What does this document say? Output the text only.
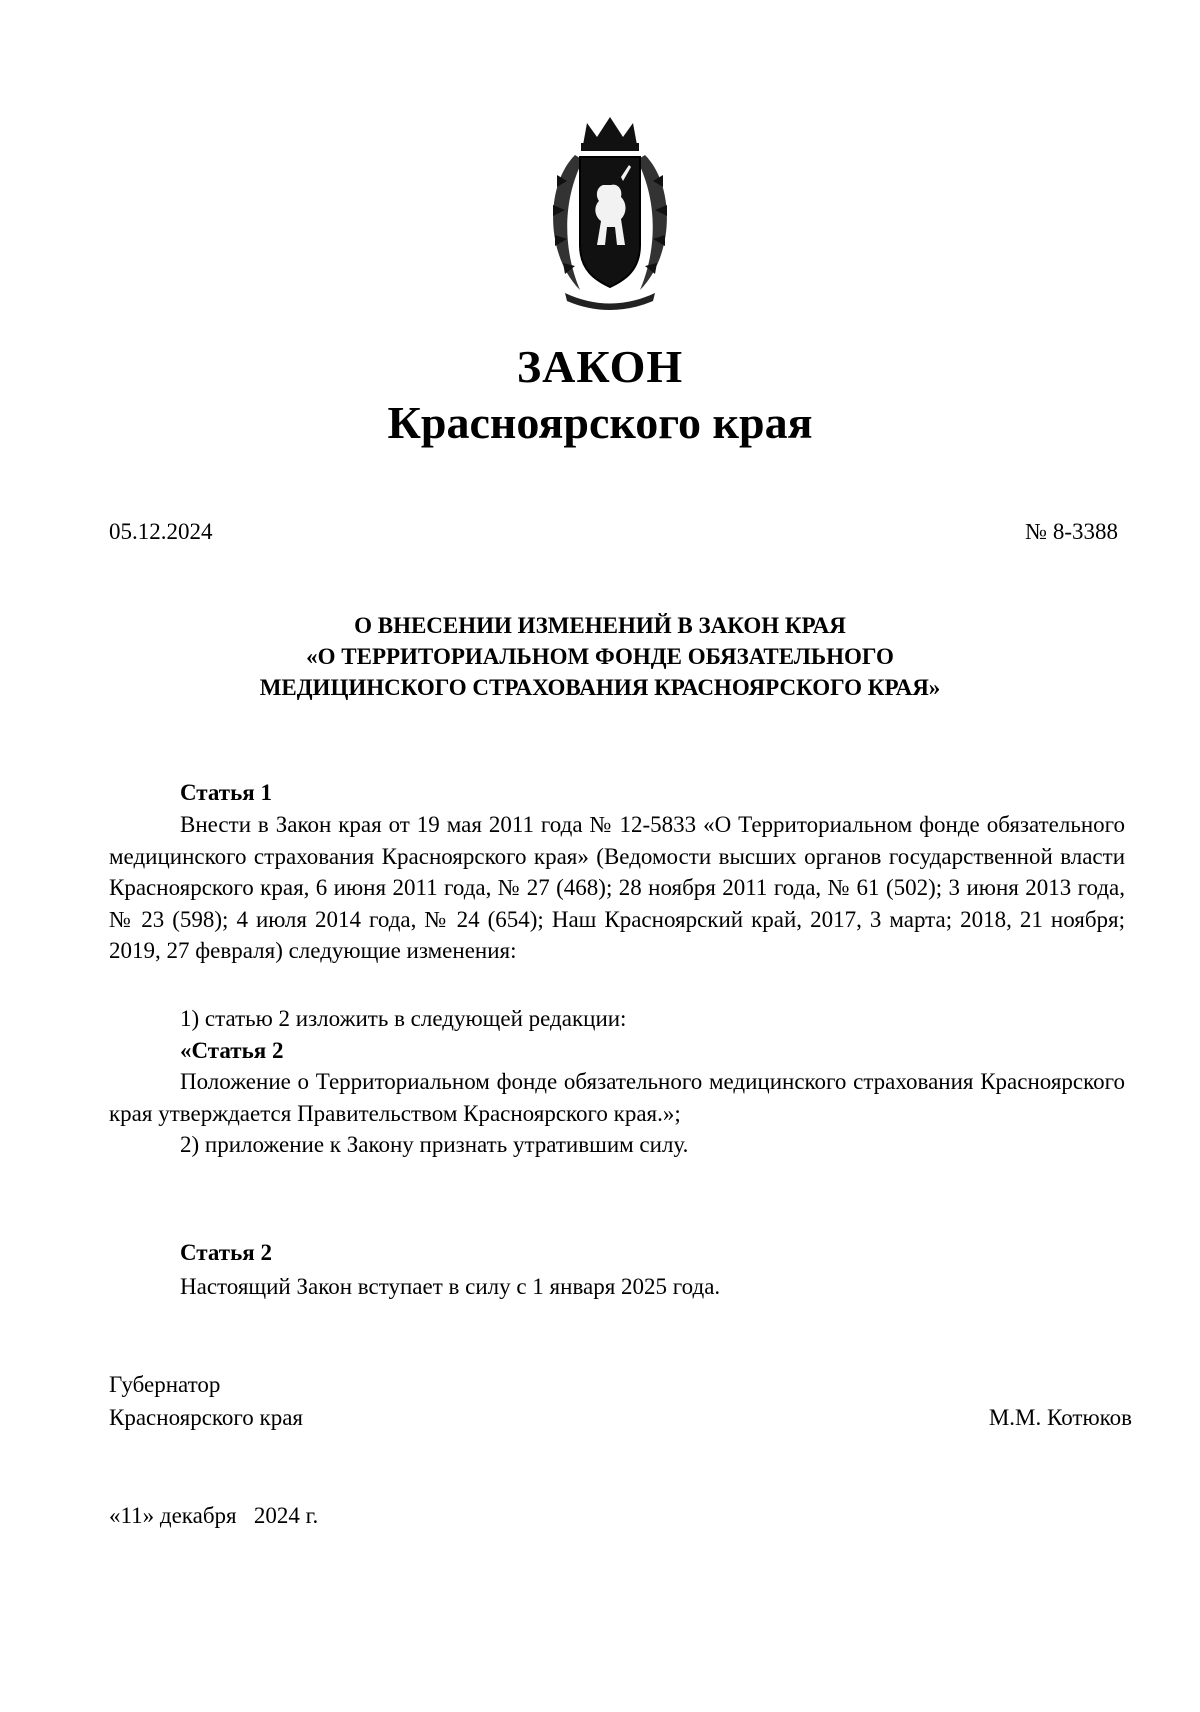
ЗАКОН
Красноярского края
05.12.2024	№ 8-3388
О ВНЕСЕНИИ ИЗМЕНЕНИЙ В ЗАКОН КРАЯ
«О ТЕРРИТОРИАЛЬНОМ ФОНДЕ ОБЯЗАТЕЛЬНОГО
МЕДИЦИНСКОГО СТРАХОВАНИЯ КРАСНОЯРСКОГО КРАЯ»
Статья 1

Внести в Закон края от 19 мая 2011 года № 12-5833 «О Территориальном фонде обязательного медицинского страхования Красноярского края» (Ведомости высших органов государственной власти Красноярского края, 6 июня 2011 года, № 27 (468); 28 ноября 2011 года, № 61 (502); 3 июня 2013 года, № 23 (598); 4 июля 2014 года, № 24 (654); Наш Красноярский край, 2017, 3 марта; 2018, 21 ноября; 2019, 27 февраля) следующие изменения:

1) статью 2 изложить в следующей редакции:

«Статья 2

Положение о Территориальном фонде обязательного медицинского страхования Красноярского края утверждается Правительством Красноярского края.»;

2) приложение к Закону признать утратившим силу.

Статья 2

Настоящий Закон вступает в силу с 1 января 2025 года.

Губернатор
Красноярского края	М.М. Котюков
«11» декабря   2024 г.
